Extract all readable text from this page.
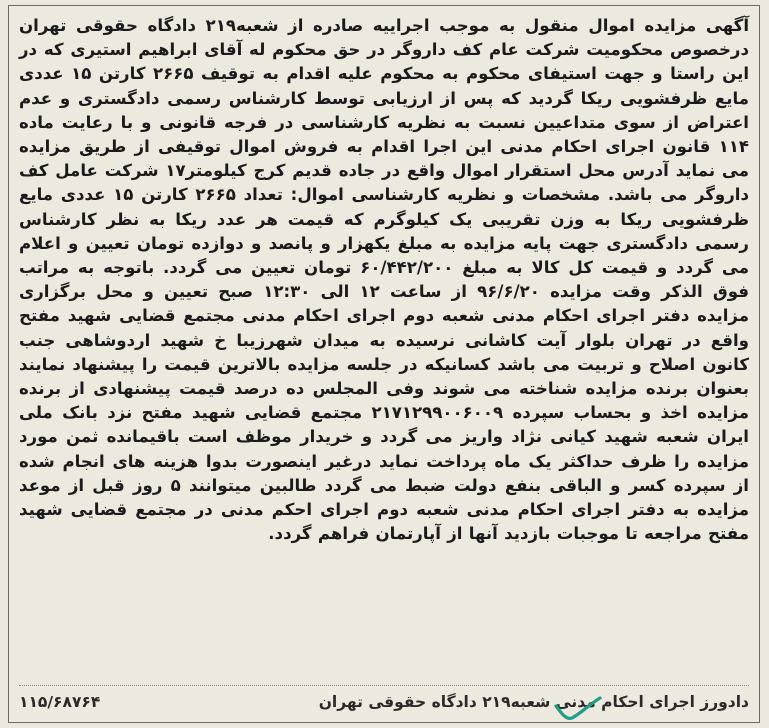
آگهی مزایده اموال منقول به موجب اجراییه صادره از شعبه۲۱۹ دادگاه حقوقی تهران درخصوص محکومیت شرکت عام کف داروگر در حق محکوم له آقای ابراهیم استیری که در این راستا و جهت استیفای محکوم به محکوم علیه اقدام به توقیف ۲۶۶۵ کارتن ۱۵ عددی مایع ظرفشویی ریکا گردید که پس از ارزیابی توسط کارشناس رسمی دادگستری و عدم اعتراض از سوی متداعیین نسبت به نظریه کارشناسی در فرجه قانونی و با رعایت ماده ۱۱۴ قانون اجرای احکام مدنی این اجرا اقدام به فروش اموال توقیفی از طریق مزایده می نماید آدرس محل استقرار اموال واقع در جاده قدیم کرج کیلومتر۱۷ شرکت عامل کف داروگر می باشد. مشخصات و نظریه کارشناسی اموال: تعداد ۲۶۶۵ کارتن ۱۵ عددی مایع ظرفشویی ریکا به وزن تقریبی یک کیلوگرم که قیمت هر عدد ریکا به نظر کارشناس رسمی دادگستری جهت پایه مزایده به مبلغ یکهزار و پانصد و دوازده تومان تعیین و اعلام می گردد و قیمت کل کالا به مبلغ ۶۰/۴۴۲/۲۰۰ تومان تعیین می گردد. باتوجه به مراتب فوق الذکر وقت مزایده ۹۶/۶/۲۰ از ساعت ۱۲ الی ۱۲:۳۰ صبح تعیین و محل برگزاری مزایده دفتر اجرای احکام مدنی شعبه دوم اجرای احکام مدنی مجتمع قضایی شهید مفتح واقع در تهران بلوار آیت کاشانی نرسیده به میدان شهرزیبا خ شهید اردوشاهی جنب کانون اصلاح و تربیت می باشد کسانیکه در جلسه مزایده بالاترین قیمت را پیشنهاد نمایند بعنوان برنده مزایده شناخته می شوند وفی المجلس ده درصد قیمت پیشنهادی از برنده مزایده اخذ و بحساب سپرده ۲۱۷۱۲۹۹۰۰۶۰۰۹ مجتمع قضایی شهید مفتح نزد بانک ملی ایران شعبه شهید کیانی نژاد واریز می گردد و خریدار موظف است باقیمانده ثمن مورد مزایده را ظرف حداکثر یک ماه پرداخت نماید درغیر اینصورت بدوا هزینه های انجام شده از سپرده کسر و الباقی بنفع دولت ضبط می گردد طالبین میتوانند ۵ روز قبل از موعد مزایده به دفتر اجرای احکام مدنی شعبه دوم اجرای احکم مدنی در مجتمع قضایی شهید مفتح مراجعه تا موجبات بازدید آنها از آپارتمان فراهم گردد.

دادورز اجرای احکام مدنی شعبه۲۱۹ دادگاه حقوقی تهران
۱۱۵/۶۸۷۶۴
